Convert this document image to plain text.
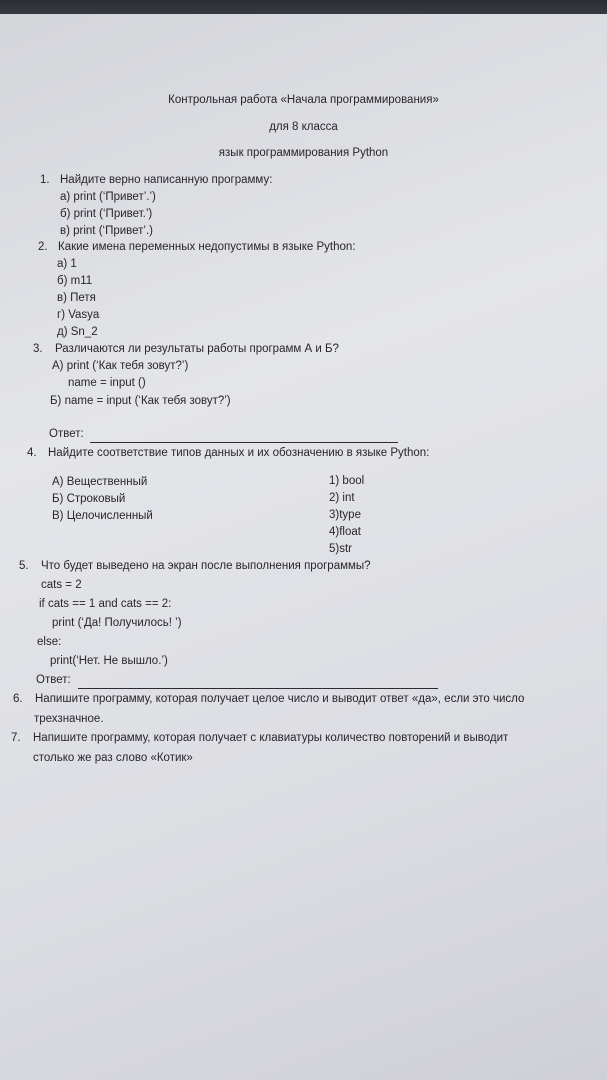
Контрольная работа «Начала программирования»
для 8 класса
язык программирования Python
1. Найдите верно написанную программу:
а) print (‘Привет’.’)
б) print (‘Привет.’)
в) print (‘Привет’.)
2. Какие имена переменных недопустимы в языке Python:
а) 1
б) m11
в) Петя
г) Vasya
д) Sn_2
3. Различаются ли результаты работы программ А и Б?
А) print (‘Как тебя зовут?’)
name = input ()
Б) name = input (‘Как тебя зовут?’)
Ответ:
4. Найдите соответствие типов данных и их обозначению в языке Python:
А) Вещественный
Б) Строковый
В) Целочисленный
1) bool
2) int
3)type
4)float
5)str
5. Что будет выведено на экран после выполнения программы?
cats = 2
if cats == 1 and cats == 2:
print (‘Да! Получилось! ’)
else:
print(‘Нет. Не вышло.’)
Ответ:
6. Напишите программу, которая получает целое число и выводит ответ «да», если это число
трехзначное.
7. Напишите программу, которая получает с клавиатуры количество повторений и выводит
столько же раз слово «Котик»
